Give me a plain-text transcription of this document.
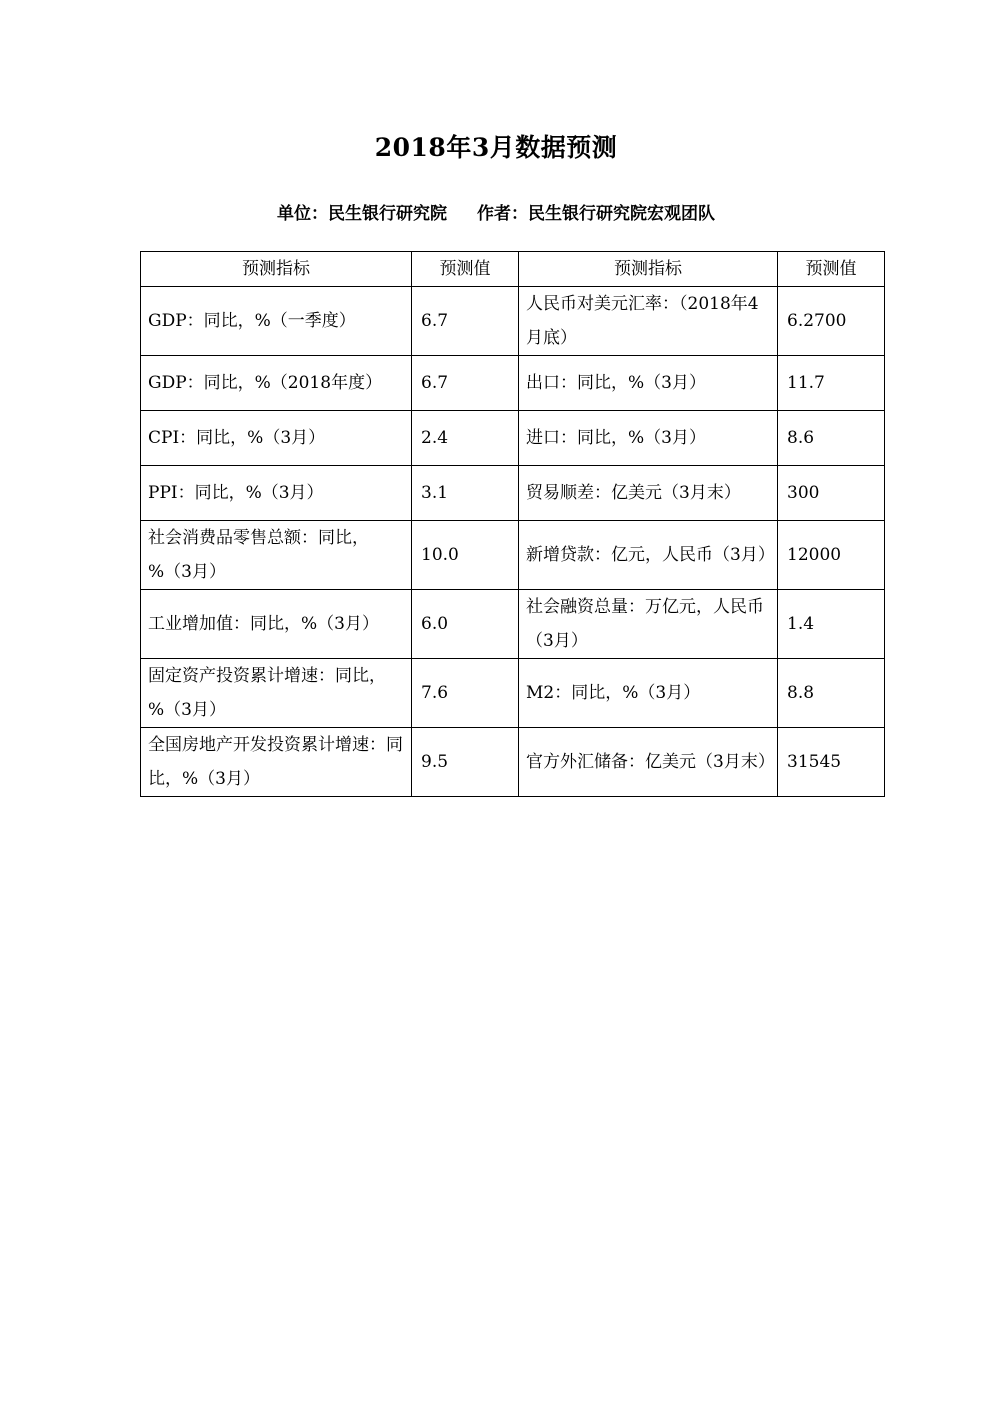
2018年3月数据预测
单位：民生银行研究院 作者：民生银行研究院宏观团队
预测指标	预测值	预测指标	预测值
GDP：同比，%（一季度）	6.7	人民币对美元汇率：（2018年4月底）	6.2700
GDP：同比，%（2018年度）	6.7	出口：同比，%（3月）	11.7
CPI：同比，%（3月）	2.4	进口：同比，%（3月）	8.6
PPI：同比，%（3月）	3.1	贸易顺差：亿美元（3月末）	300
社会消费品零售总额：同比，%（3月）	10.0	新增贷款：亿元，人民币（3月）	12000
工业增加值：同比，%（3月）	6.0	社会融资总量：万亿元，人民币（3月）	1.4
固定资产投资累计增速：同比，%（3月）	7.6	M2：同比，%（3月）	8.8
全国房地产开发投资累计增速：同比，%（3月）	9.5	官方外汇储备：亿美元（3月末）	31545
